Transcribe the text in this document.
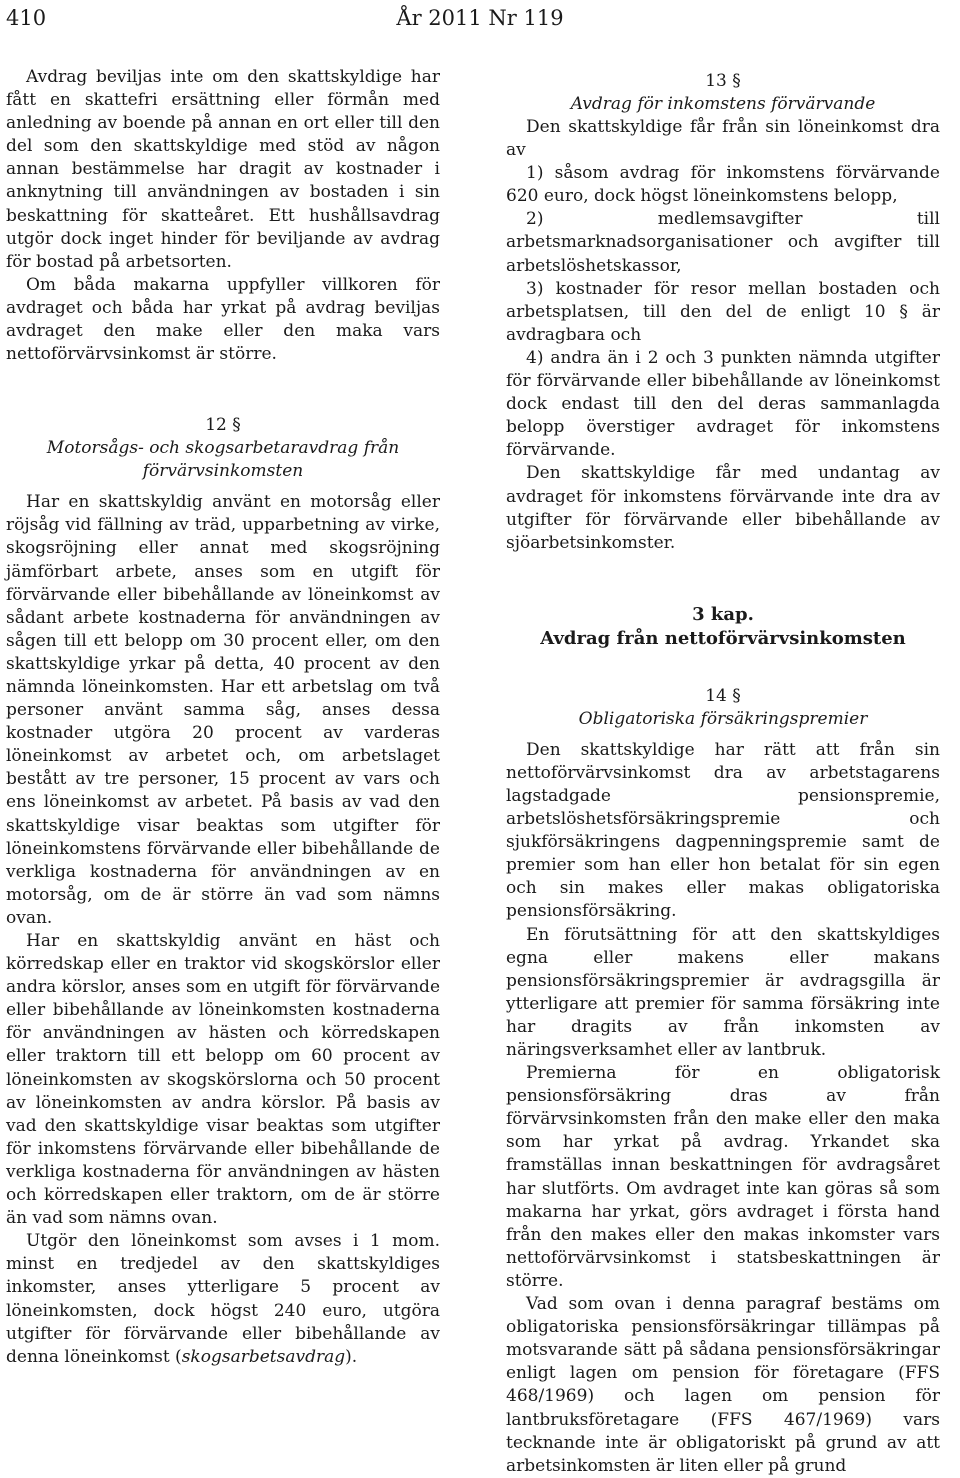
410	År 2011 Nr 119

Avdrag beviljas inte om den skattskyldige har fått en skattefri ersättning eller förmån med anledning av boende på annan en ort eller till den del som den skattskyldige med stöd av någon annan bestämmelse har dragit av kostnader i anknytning till användningen av bostaden i sin beskattning för skatteåret. Ett hushållsavdrag utgör dock inget hinder för beviljande av avdrag för bostad på arbetsorten.

Om båda makarna uppfyller villkoren för avdraget och båda har yrkat på avdrag beviljas avdraget den make eller den maka vars nettoförvärvsinkomst är större.

12 §

Motorsågs- och skogsarbetaravdrag från förvärvsinkomsten

Har en skattskyldig använt en motorsåg eller röjsåg vid fällning av träd, upparbetning av virke, skogsröjning eller annat med skogsröjning jämförbart arbete, anses som en utgift för förvärvande eller bibehållande av löneinkomst av sådant arbete kostnaderna för användningen av sågen till ett belopp om 30 procent eller, om den skattskyldige yrkar på detta, 40 procent av den nämnda löneinkomsten. Har ett arbetslag om två personer använt samma såg, anses dessa kostnader utgöra 20 procent av varderas löneinkomst av arbetet och, om arbetslaget bestått av tre personer, 15 procent av vars och ens löneinkomst av arbetet. På basis av vad den skattskyldige visar beaktas som utgifter för löneinkomstens förvärvande eller bibehållande de verkliga kostnaderna för användningen av en motorsåg, om de är större än vad som nämns ovan.

Har en skattskyldig använt en häst och körredskap eller en traktor vid skogskörslor eller andra körslor, anses som en utgift för förvärvande eller bibehållande av löneinkomsten kostnaderna för användningen av hästen och körredskapen eller traktorn till ett belopp om 60 procent av löneinkomsten av skogskörslorna och 50 procent av löneinkomsten av andra körslor. På basis av vad den skattskyldige visar beaktas som utgifter för inkomstens förvärvande eller bibehållande de verkliga kostnaderna för användningen av hästen och körredskapen eller traktorn, om de är större än vad som nämns ovan.

Utgör den löneinkomst som avses i 1 mom. minst en tredjedel av den skattskyldiges inkomster, anses ytterligare 5 procent av löneinkomsten, dock högst 240 euro, utgöra utgifter för förvärvande eller bibehållande av denna löneinkomst (skogsarbetsavdrag).

13 §

Avdrag för inkomstens förvärvande

Den skattskyldige får från sin löneinkomst dra av

1) såsom avdrag för inkomstens förvärvande 620 euro, dock högst löneinkomstens belopp,

2) medlemsavgifter till arbetsmarknadsorganisationer och avgifter till arbetslöshetskassor,

3) kostnader för resor mellan bostaden och arbetsplatsen, till den del de enligt 10 § är avdragbara och

4) andra än i 2 och 3 punkten nämnda utgifter för förvärvande eller bibehållande av löneinkomst dock endast till den del deras sammanlagda belopp överstiger avdraget för inkomstens förvärvande.

Den skattskyldige får med undantag av avdraget för inkomstens förvärvande inte dra av utgifter för förvärvande eller bibehållande av sjöarbetsinkomster.

3 kap.

Avdrag från nettoförvärvsinkomsten

14 §

Obligatoriska försäkringspremier

Den skattskyldige har rätt att från sin nettoförvärvsinkomst dra av arbetstagarens lagstadgade pensionspremie, arbetslöshetsförsäkringspremie och sjukförsäkringens dagpenningspremie samt de premier som han eller hon betalat för sin egen och sin makes eller makas obligatoriska pensionsförsäkring.

En förutsättning för att den skattskyldiges egna eller makens eller makans pensionsförsäkringspremier är avdragsgilla är ytterligare att premier för samma försäkring inte har dragits av från inkomsten av näringsverksamhet eller av lantbruk.

Premierna för en obligatorisk pensionsförsäkring dras av från förvärvsinkomsten från den make eller den maka som har yrkat på avdrag. Yrkandet ska framställas innan beskattningen för avdragsåret har slutförts. Om avdraget inte kan göras så som makarna har yrkat, görs avdraget i första hand från den makes eller den makas inkomster vars nettoförvärvsinkomst i statsbeskattningen är större.

Vad som ovan i denna paragraf bestäms om obligatoriska pensionsförsäkringar tillämpas på motsvarande sätt på sådana pensionsförsäkringar enligt lagen om pension för företagare (FFS 468/1969) och lagen om pension för lantbruksföretagare (FFS 467/1969) vars tecknande inte är obligatoriskt på grund av att arbetsinkomsten är liten eller på grund
